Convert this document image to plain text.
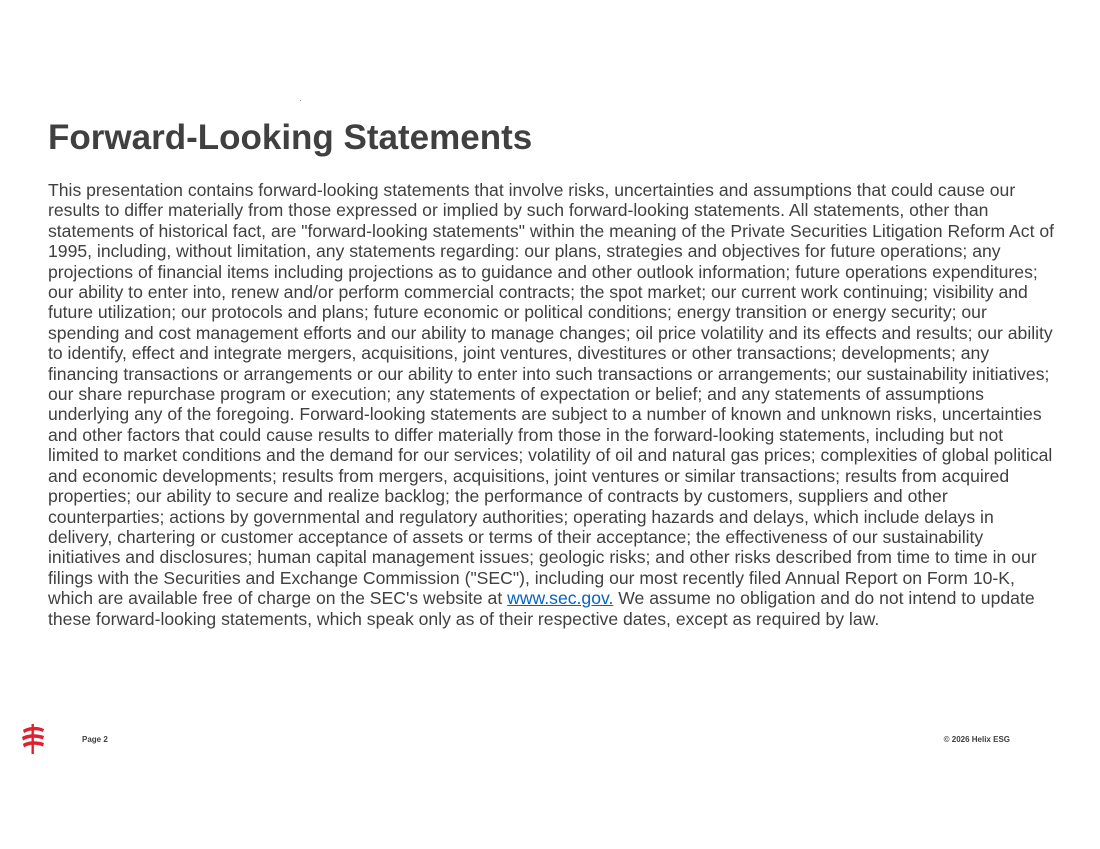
Forward-Looking Statements

This presentation contains forward-looking statements that involve risks, uncertainties and assumptions that could cause our results to differ materially from those expressed or implied by such forward-looking statements. All statements, other than statements of historical fact, are "forward-looking statements" within the meaning of the Private Securities Litigation Reform Act of 1995, including, without limitation, any statements regarding: our plans, strategies and objectives for future operations; any projections of financial items including projections as to guidance and other outlook information; future operations expenditures; our ability to enter into, renew and/or perform commercial contracts; the spot market; our current work continuing; visibility and future utilization; our protocols and plans; future economic or political conditions; energy transition or energy security; our spending and cost management efforts and our ability to manage changes; oil price volatility and its effects and results; our ability to identify, effect and integrate mergers, acquisitions, joint ventures, divestitures or other transactions; developments; any financing transactions or arrangements or our ability to enter into such transactions or arrangements; our sustainability initiatives; our share repurchase program or execution; any statements of expectation or belief; and any statements of assumptions underlying any of the foregoing. Forward-looking statements are subject to a number of known and unknown risks, uncertainties and other factors that could cause results to differ materially from those in the forward-looking statements, including but not limited to market conditions and the demand for our services; volatility of oil and natural gas prices; complexities of global political and economic developments; results from mergers, acquisitions, joint ventures or similar transactions; results from acquired properties; our ability to secure and realize backlog; the performance of contracts by customers, suppliers and other counterparties; actions by governmental and regulatory authorities; operating hazards and delays, which include delays in delivery, chartering or customer acceptance of assets or terms of their acceptance; the effectiveness of our sustainability initiatives and disclosures; human capital management issues; geologic risks; and other risks described from time to time in our filings with the Securities and Exchange Commission ("SEC"), including our most recently filed Annual Report on Form 10-K, which are available free of charge on the SEC's website at www.sec.gov. We assume no obligation and do not intend to update these forward-looking statements, which speak only as of their respective dates, except as required by law.

Page 2	© 2026 Helix ESG
